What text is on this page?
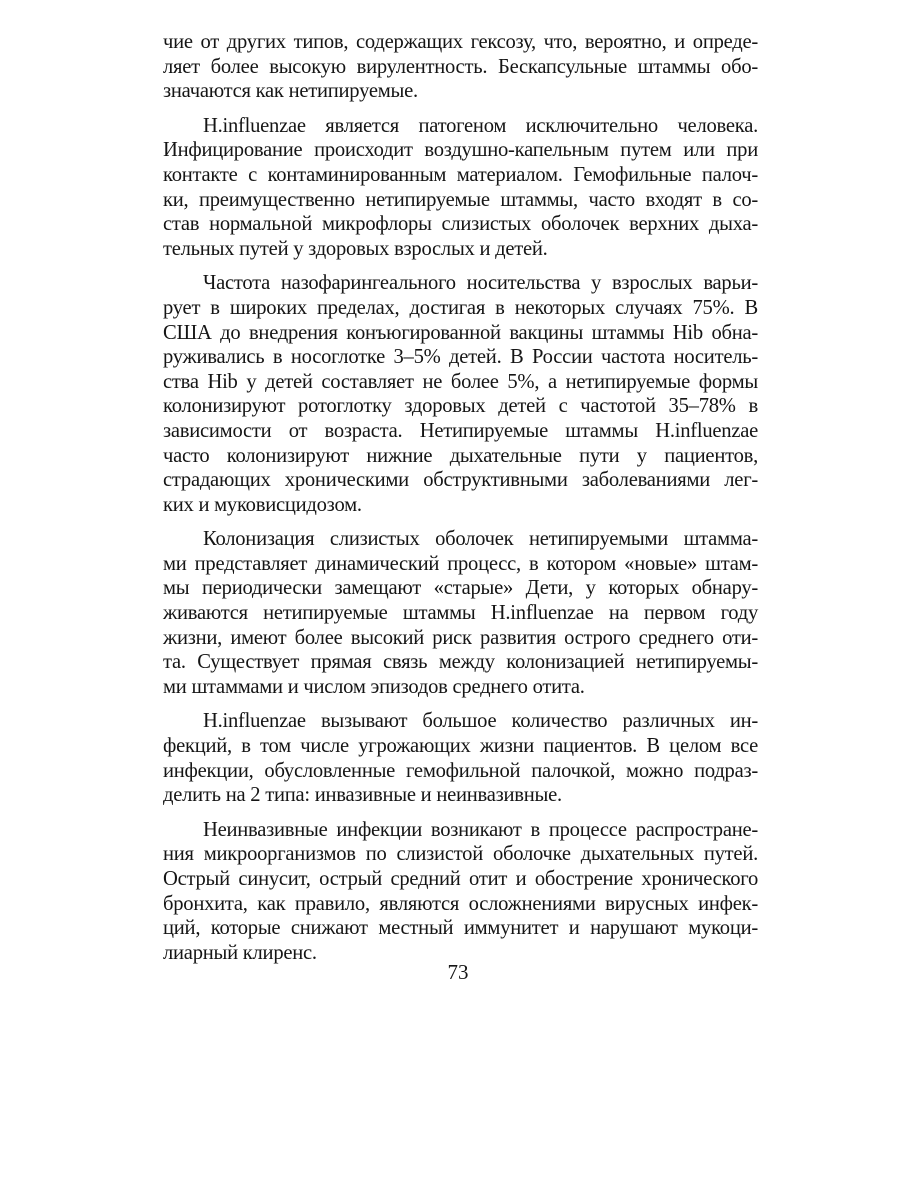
чие от других типов, содержащих гексозу, что, вероятно, и опреде-
ляет более высокую вирулентность. Бескапсульные штаммы обо-
значаются как нетипируемые.
H.influenzae является патогеном исключительно человека.
Инфицирование происходит воздушно-капельным путем или при
контакте с контаминированным материалом. Гемофильные палоч-
ки, преимущественно нетипируемые штаммы, часто входят в со-
став нормальной микрофлоры слизистых оболочек верхних дыха-
тельных путей у здоровых взрослых и детей.
Частота назофарингеального носительства у взрослых варьи-
рует в широких пределах, достигая в некоторых случаях 75%. В
США до внедрения конъюгированной вакцины штаммы Hib обна-
руживались в носоглотке 3–5% детей. В России частота носитель-
ства Hib у детей составляет не более 5%, а нетипируемые формы
колонизируют ротоглотку здоровых детей с частотой 35–78% в
зависимости от возраста. Нетипируемые штаммы H.influenzae
часто колонизируют нижние дыхательные пути у пациентов,
страдающих хроническими обструктивными заболеваниями лег-
ких и муковисцидозом.
Колонизация слизистых оболочек нетипируемыми штамма-
ми представляет динамический процесс, в котором «новые» штам-
мы периодически замещают «старые» Дети, у которых обнару-
живаются нетипируемые штаммы H.influenzae на первом году
жизни, имеют более высокий риск развития острого среднего оти-
та. Существует прямая связь между колонизацией нетипируемы-
ми штаммами и числом эпизодов среднего отита.
H.influenzae вызывают большое количество различных ин-
фекций, в том числе угрожающих жизни пациентов. В целом все
инфекции, обусловленные гемофильной палочкой, можно подраз-
делить на 2 типа: инвазивные и неинвазивные.
Неинвазивные инфекции возникают в процессе распростране-
ния микроорганизмов по слизистой оболочке дыхательных путей.
Острый синусит, острый средний отит и обострение хронического
бронхита, как правило, являются осложнениями вирусных инфек-
ций, которые снижают местный иммунитет и нарушают мукоци-
лиарный клиренс.
73
